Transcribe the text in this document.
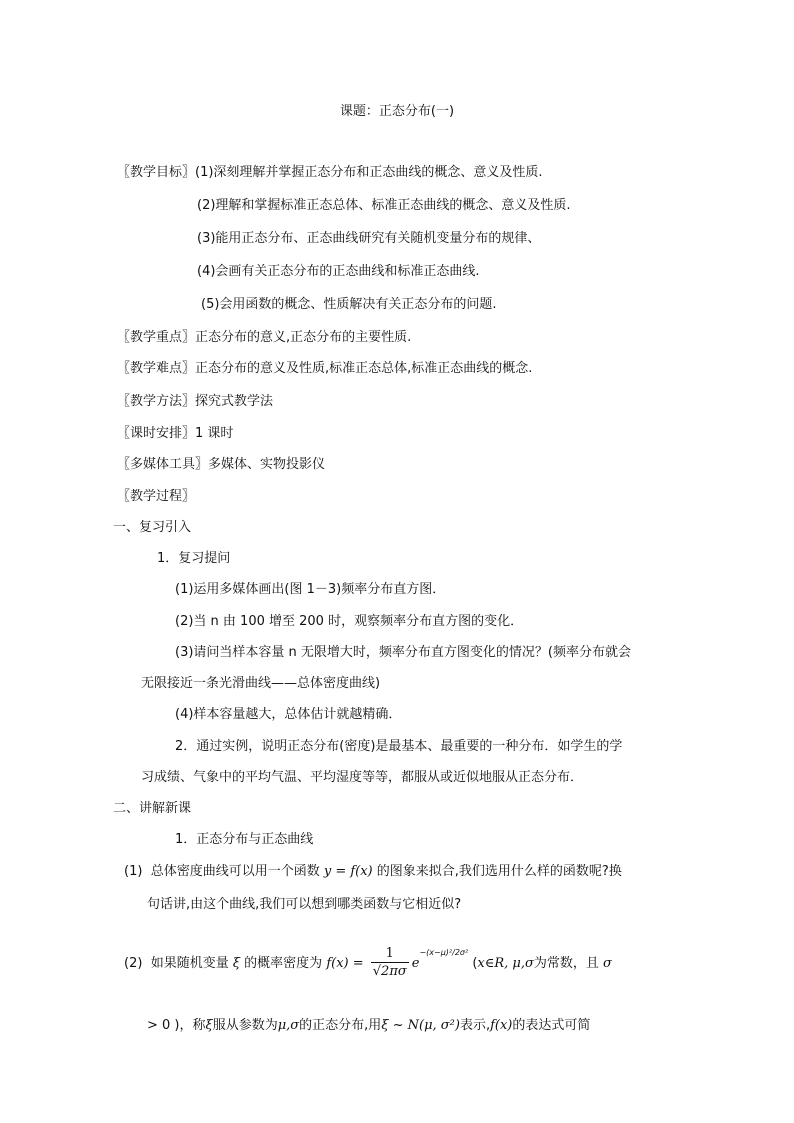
课题：正态分布(一)
〖教学目标〗(1)深刻理解并掌握正态分布和正态曲线的概念、意义及性质.
(2)理解和掌握标准正态总体、标准正态曲线的概念、意义及性质.
(3)能用正态分布、正态曲线研究有关随机变量分布的规律、
(4)会画有关正态分布的正态曲线和标准正态曲线.
(5)会用函数的概念、性质解决有关正态分布的问题.
〖教学重点〗正态分布的意义,正态分布的主要性质.
〖教学难点〗正态分布的意义及性质,标准正态总体,标准正态曲线的概念.
〖教学方法〗探究式教学法
〖课时安排〗1 课时
〖多媒体工具〗多媒体、实物投影仪
〖教学过程〗
一、复习引入
1．复习提问
(1)运用多媒体画出(图 1－3)频率分布直方图．
(2)当 n 由 100 增至 200 时，观察频率分布直方图的变化．
(3)请问当样本容量 n 无限增大时，频率分布直方图变化的情况？(频率分布就会
无限接近一条光滑曲线——总体密度曲线)
(4)样本容量越大，总体估计就越精确．
2．通过实例，说明正态分布(密度)是最基本、最重要的一种分布．如学生的学
习成绩、气象中的平均气温、平均湿度等等，都服从或近似地服从正态分布．
二、讲解新课
1．正态分布与正态曲线
(1) 总体密度曲线可以用一个函数 y = f(x) 的图象来拟合,我们选用什么样的函数呢?换
句话讲,由这个曲线,我们可以想到哪类函数与它相近似?
(2) 如果随机变量 ξ 的概率密度为 $f(x) = \frac{1}{√2\pi\sigma} e^{-(x-\mu)^2/2\sigma^2}$ (x∈R, μ,σ为常数，且 σ
> 0 )，称ξ服从参数为μ,σ的正态分布,用ξ ~ N(μ, σ²)表示,f(x)的表达式可简
